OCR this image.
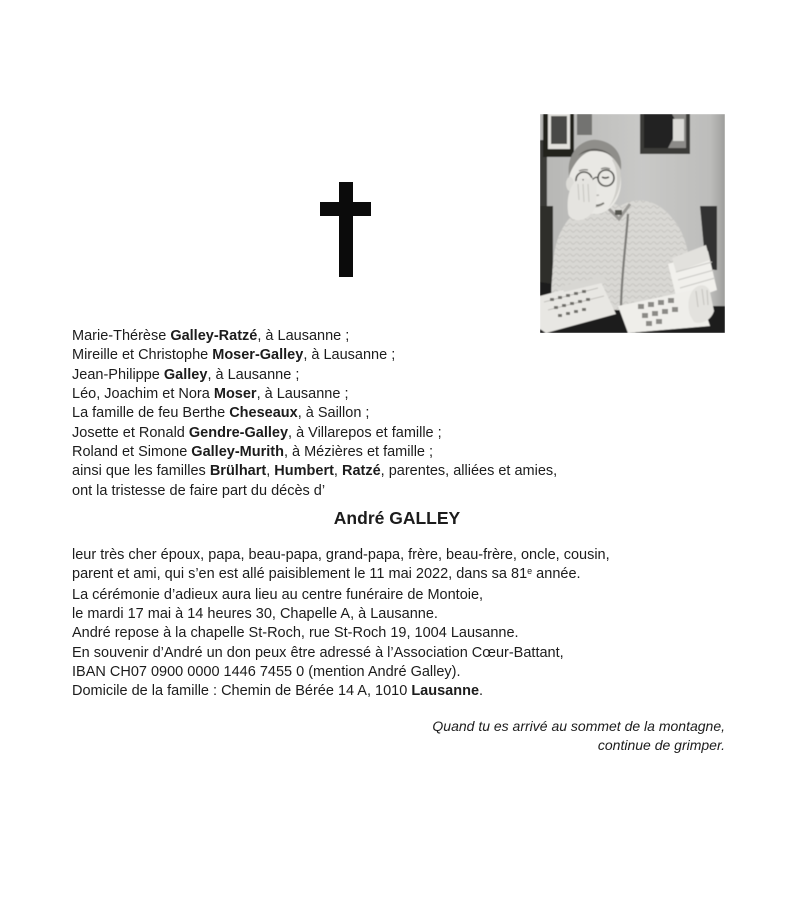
Marie-Thérèse Galley-Ratzé, à Lausanne ;

Mireille et Christophe Moser-Galley, à Lausanne ;

Jean-Philippe Galley, à Lausanne ;

Léo, Joachim et Nora Moser, à Lausanne ;

La famille de feu Berthe Cheseaux, à Saillon ;

Josette et Ronald Gendre-Galley, à Villarepos et famille ;

Roland et Simone Galley-Murith, à Mézières et famille ;

ainsi que les familles Brülhart, Humbert, Ratzé, parentes, alliées et amies,

ont la tristesse de faire part du décès d’

André GALLEY

leur très cher époux, papa, beau-papa, grand-papa, frère, beau-frère, oncle, cousin,

parent et ami, qui s’en est allé paisiblement le 11 mai 2022, dans sa 81e année.

La cérémonie d’adieux aura lieu au centre funéraire de Montoie,

le mardi 17 mai à 14 heures 30, Chapelle A, à Lausanne.

André repose à la chapelle St-Roch, rue St-Roch 19, 1004 Lausanne.

En souvenir d’André un don peux être adressé à l’Association Cœur-Battant,

IBAN CH07 0900 0000 1446 7455 0 (mention André Galley).

Domicile de la famille : Chemin de Bérée 14 A, 1010 Lausanne.

Quand tu es arrivé au sommet de la montagne,

continue de grimper.
